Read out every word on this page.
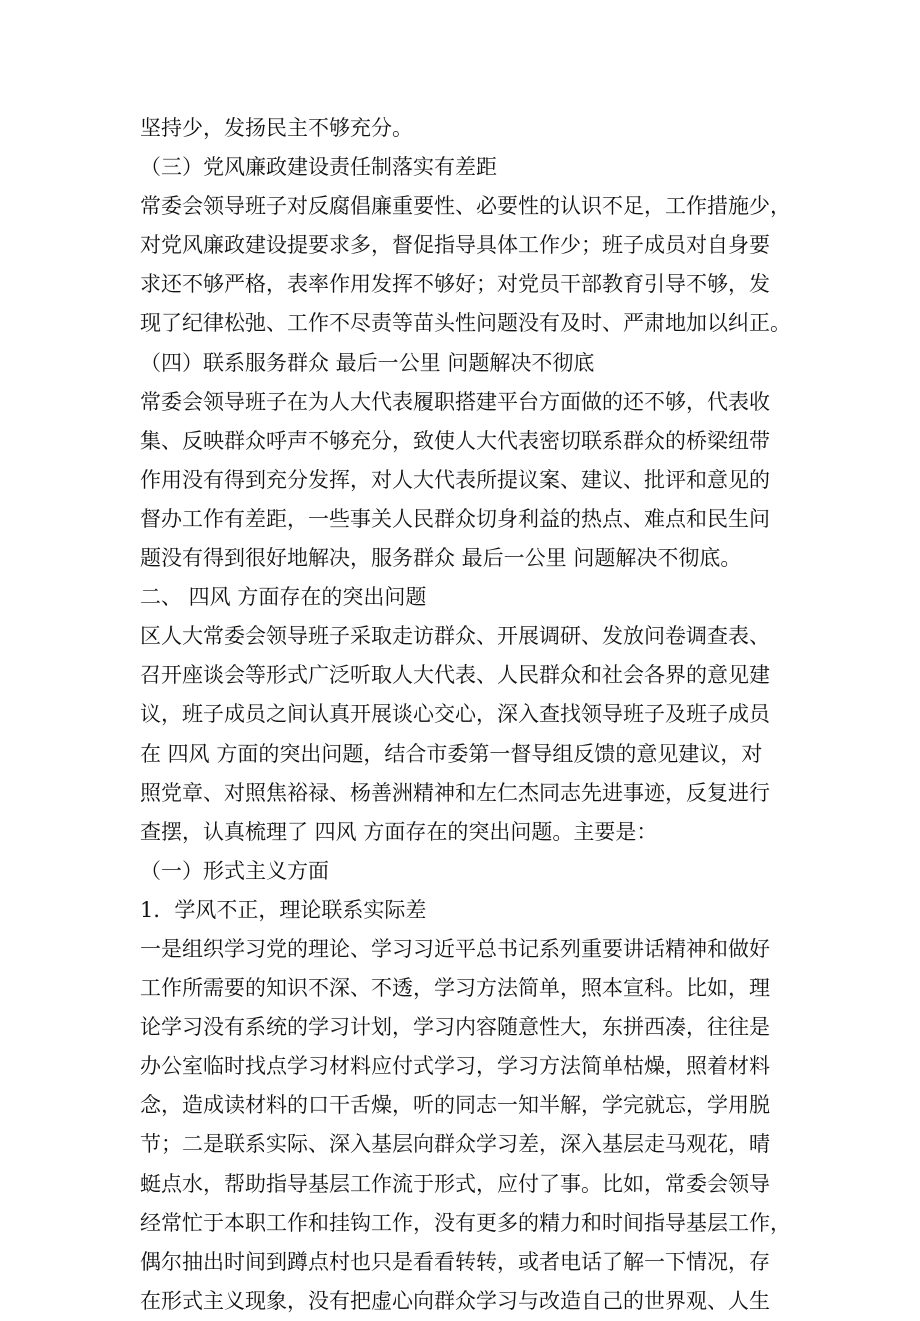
坚持少，发扬民主不够充分。
（三）党风廉政建设责任制落实有差距
常委会领导班子对反腐倡廉重要性、必要性的认识不足，工作措施少，
对党风廉政建设提要求多，督促指导具体工作少；班子成员对自身要
求还不够严格，表率作用发挥不够好；对党员干部教育引导不够，发
现了纪律松弛、工作不尽责等苗头性问题没有及时、严肃地加以纠正。
（四）联系服务群众 最后一公里 问题解决不彻底
常委会领导班子在为人大代表履职搭建平台方面做的还不够，代表收
集、反映群众呼声不够充分，致使人大代表密切联系群众的桥梁纽带
作用没有得到充分发挥，对人大代表所提议案、建议、批评和意见的
督办工作有差距，一些事关人民群众切身利益的热点、难点和民生问
题没有得到很好地解决，服务群众 最后一公里 问题解决不彻底。
二、 四风 方面存在的突出问题
区人大常委会领导班子采取走访群众、开展调研、发放问卷调查表、
召开座谈会等形式广泛听取人大代表、人民群众和社会各界的意见建
议，班子成员之间认真开展谈心交心，深入查找领导班子及班子成员
在 四风 方面的突出问题，结合市委第一督导组反馈的意见建议，对
照党章、对照焦裕禄、杨善洲精神和左仁杰同志先进事迹，反复进行
查摆，认真梳理了 四风 方面存在的突出问题。主要是：
（一）形式主义方面
1．学风不正，理论联系实际差
一是组织学习党的理论、学习习近平总书记系列重要讲话精神和做好
工作所需要的知识不深、不透，学习方法简单，照本宣科。比如，理
论学习没有系统的学习计划，学习内容随意性大，东拼西凑，往往是
办公室临时找点学习材料应付式学习，学习方法简单枯燥，照着材料
念，造成读材料的口干舌燥，听的同志一知半解，学完就忘，学用脱
节；二是联系实际、深入基层向群众学习差，深入基层走马观花，晴
蜓点水，帮助指导基层工作流于形式，应付了事。比如，常委会领导
经常忙于本职工作和挂钩工作，没有更多的精力和时间指导基层工作，
偶尔抽出时间到蹲点村也只是看看转转，或者电话了解一下情况，存
在形式主义现象，没有把虚心向群众学习与改造自己的世界观、人生
